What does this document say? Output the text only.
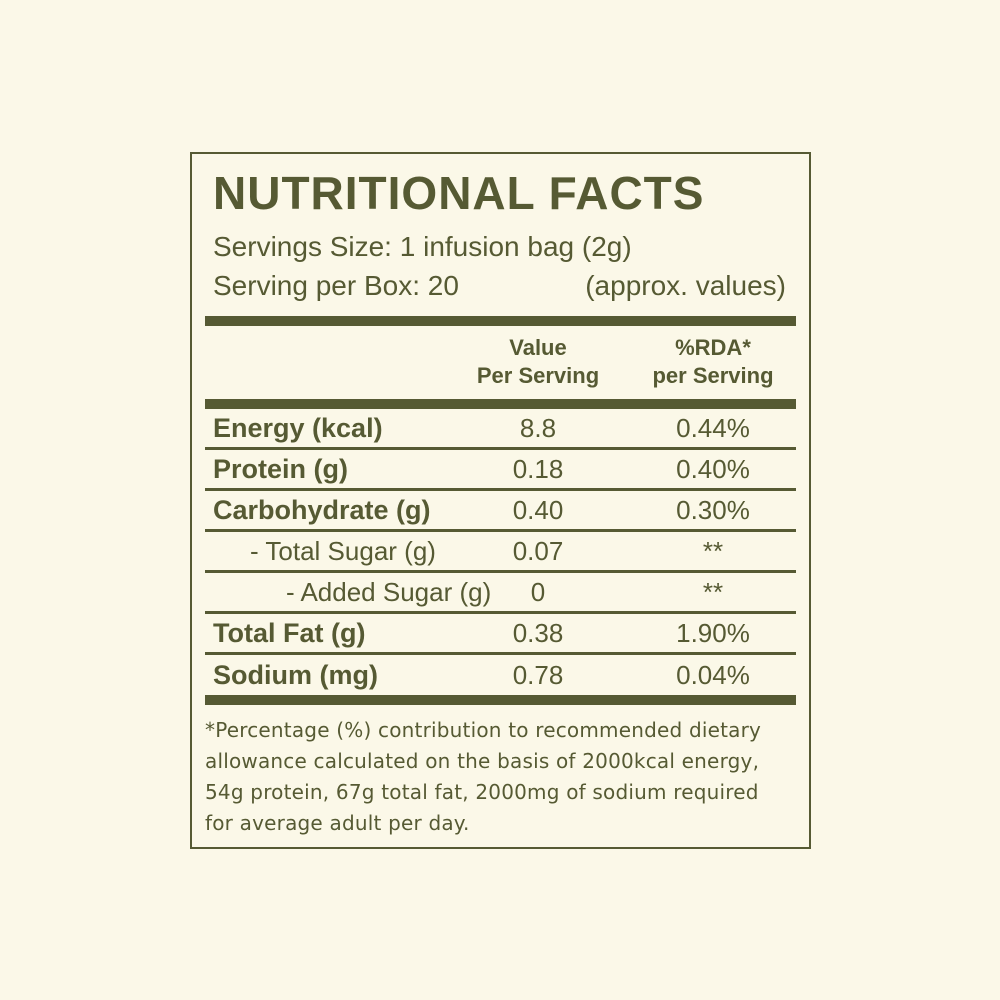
NUTRITIONAL FACTS
Servings Size: 1 infusion bag (2g)
Serving per Box: 20	(approx. values)
Value
Per Serving
%RDA*
per Serving
Energy (kcal)	8.8	0.44%
Protein (g)	0.18	0.40%
Carbohydrate (g)	0.40	0.30%
- Total Sugar (g)	0.07	**
- Added Sugar (g)	0	**
Total Fat (g)	0.38	1.90%
Sodium (mg)	0.78	0.04%
*Percentage (%) contribution to recommended dietary
allowance calculated on the basis of 2000kcal energy,
54g protein, 67g total fat, 2000mg of sodium required
for average adult per day.
